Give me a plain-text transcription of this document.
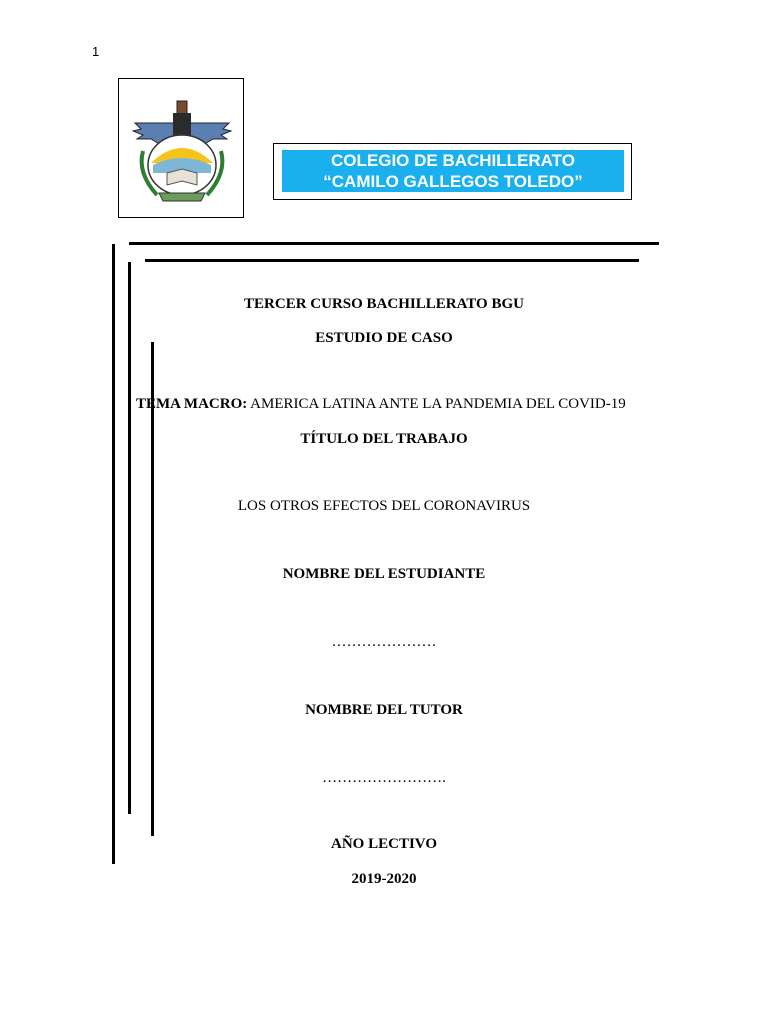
1
COLEGIO DE BACHILLERATO
“CAMILO GALLEGOS TOLEDO”
TERCER CURSO BACHILLERATO BGU
ESTUDIO DE CASO
TEMA MACRO: AMERICA LATINA ANTE LA PANDEMIA DEL COVID-19
TÍTULO DEL TRABAJO
LOS OTROS EFECTOS DEL CORONAVIRUS
NOMBRE DEL ESTUDIANTE
…………………
NOMBRE DEL TUTOR
…………………….
AÑO LECTIVO
2019-2020
